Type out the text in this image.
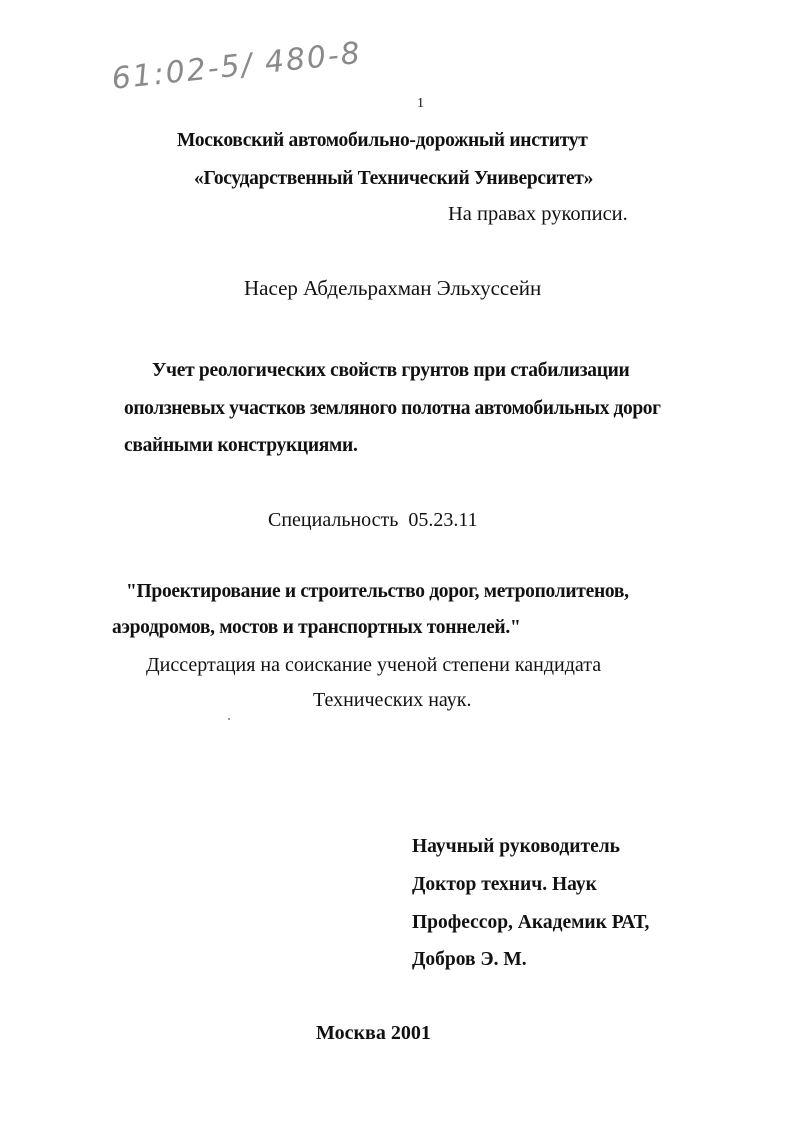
61:02-5/ 480-8
1
Московский автомобильно-дорожный институт
«Государственный Технический Университет»
На правах рукописи.
Насер Абдельрахман Эльхуссейн
Учет реологических свойств грунтов при стабилизации
оползневых участков земляного полотна автомобильных дорог
свайными конструкциями.
Специальность 05.23.11
"Проектирование и строительство дорог, метрополитенов,
аэродромов, мостов и транспортных тоннелей."
Диссертация на соискание ученой степени кандидата
Технических наук.
Научный руководитель
Доктор технич. Наук
Профессор, Академик РАТ,
Добров Э. М.
Москва 2001
